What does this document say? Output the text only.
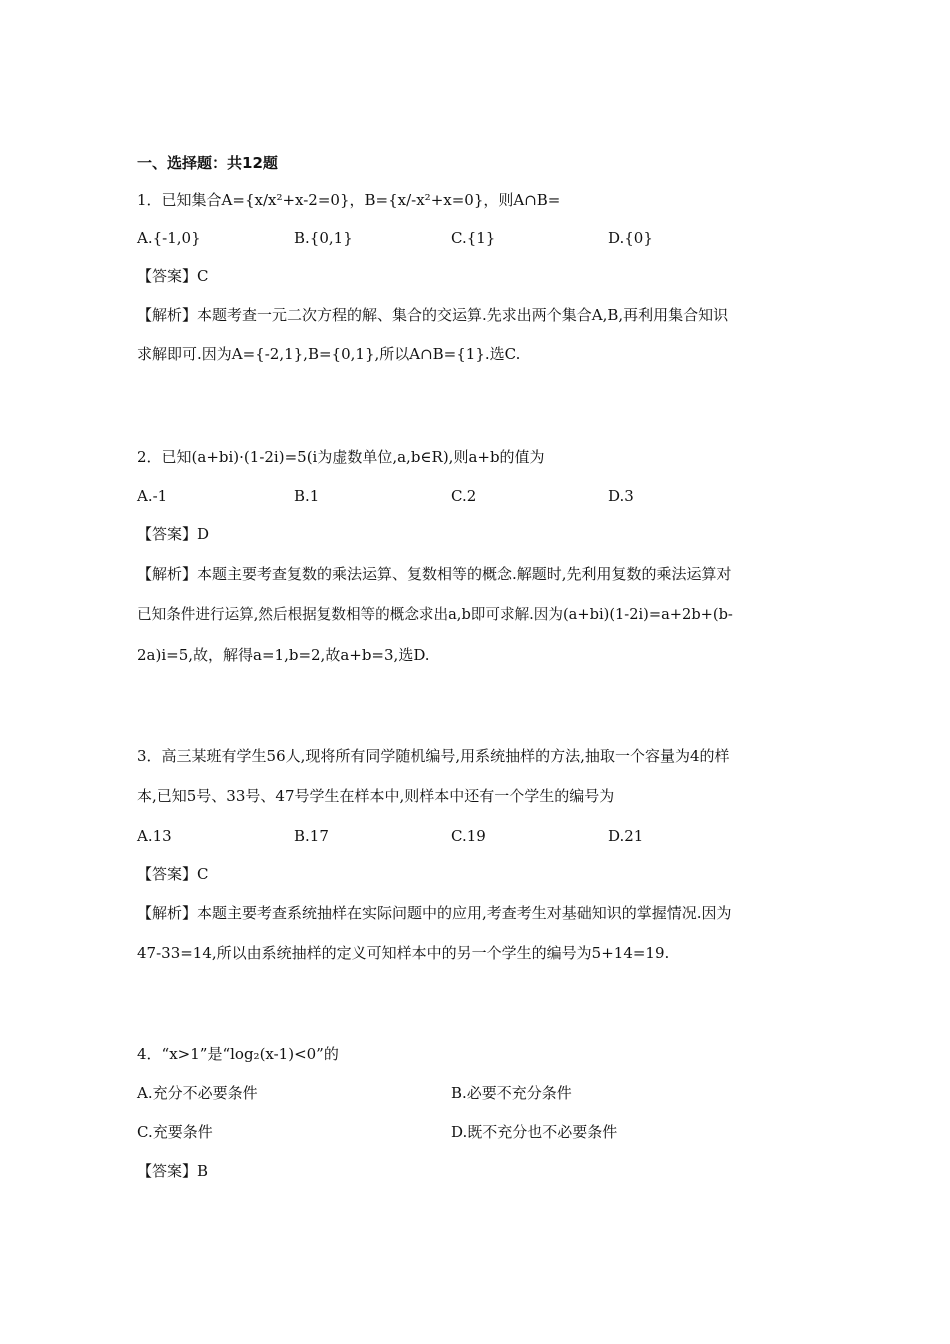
一、选择题：共12题
1．已知集合A={x/x²+x-2=0}，B={x/-x²+x=0}，则A∩B=
A.{-1,0}	B.{0,1}	C.{1}	D.{0}
【答案】C
【解析】本题考查一元二次方程的解、集合的交运算.先求出两个集合A,B,再利用集合知识
求解即可.因为A={-2,1},B={0,1},所以A∩B={1}.选C.
2．已知(a+bi)·(1-2i)=5(i为虚数单位,a,b∈R),则a+b的值为
A.-1	B.1	C.2	D.3
【答案】D
【解析】本题主要考查复数的乘法运算、复数相等的概念.解题时,先利用复数的乘法运算对
已知条件进行运算,然后根据复数相等的概念求出a,b即可求解.因为(a+bi)(1-2i)=a+2b+(b-
2a)i=5,故，解得a=1,b=2,故a+b=3,选D.
3．高三某班有学生56人,现将所有同学随机编号,用系统抽样的方法,抽取一个容量为4的样
本,已知5号、33号、47号学生在样本中,则样本中还有一个学生的编号为
A.13	B.17	C.19	D.21
【答案】C
【解析】本题主要考查系统抽样在实际问题中的应用,考查考生对基础知识的掌握情况.因为
47-33=14,所以由系统抽样的定义可知样本中的另一个学生的编号为5+14=19.
4．“x>1”是“log₂(x-1)<0”的
A.充分不必要条件	B.必要不充分条件
C.充要条件	D.既不充分也不必要条件
【答案】B
